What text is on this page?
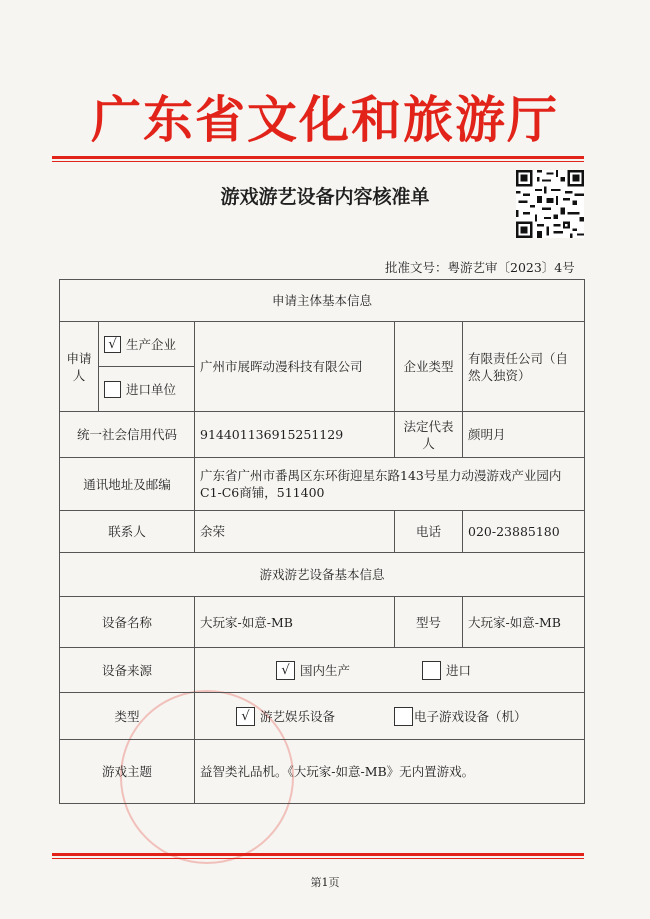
广东省文化和旅游厅
游戏游艺设备内容核准单
批准文号：粤游艺审〔2023〕4号
申请主体基本信息				
申请人	√ 生产企业	广州市展晖动漫科技有限公司	企业类型	有限责任公司（自然人独资）
	进口单位			
统一社会信用代码		914401136915251129	法定代表人	颜明月
通讯地址及邮编		广东省广州市番禺区东环街迎星东路143号星力动漫游戏产业园内C1-C6商铺，511400		
联系人		余荣	电话	020-23885180
游戏游艺设备基本信息				
设备名称		大玩家-如意-MB	型号	大玩家-如意-MB
设备来源		√ 国内生产 进口		
类型		√ 游艺娱乐设备 电子游戏设备（机）		
游戏主题		益智类礼品机。《大玩家-如意-MB》无内置游戏。		
第1页
